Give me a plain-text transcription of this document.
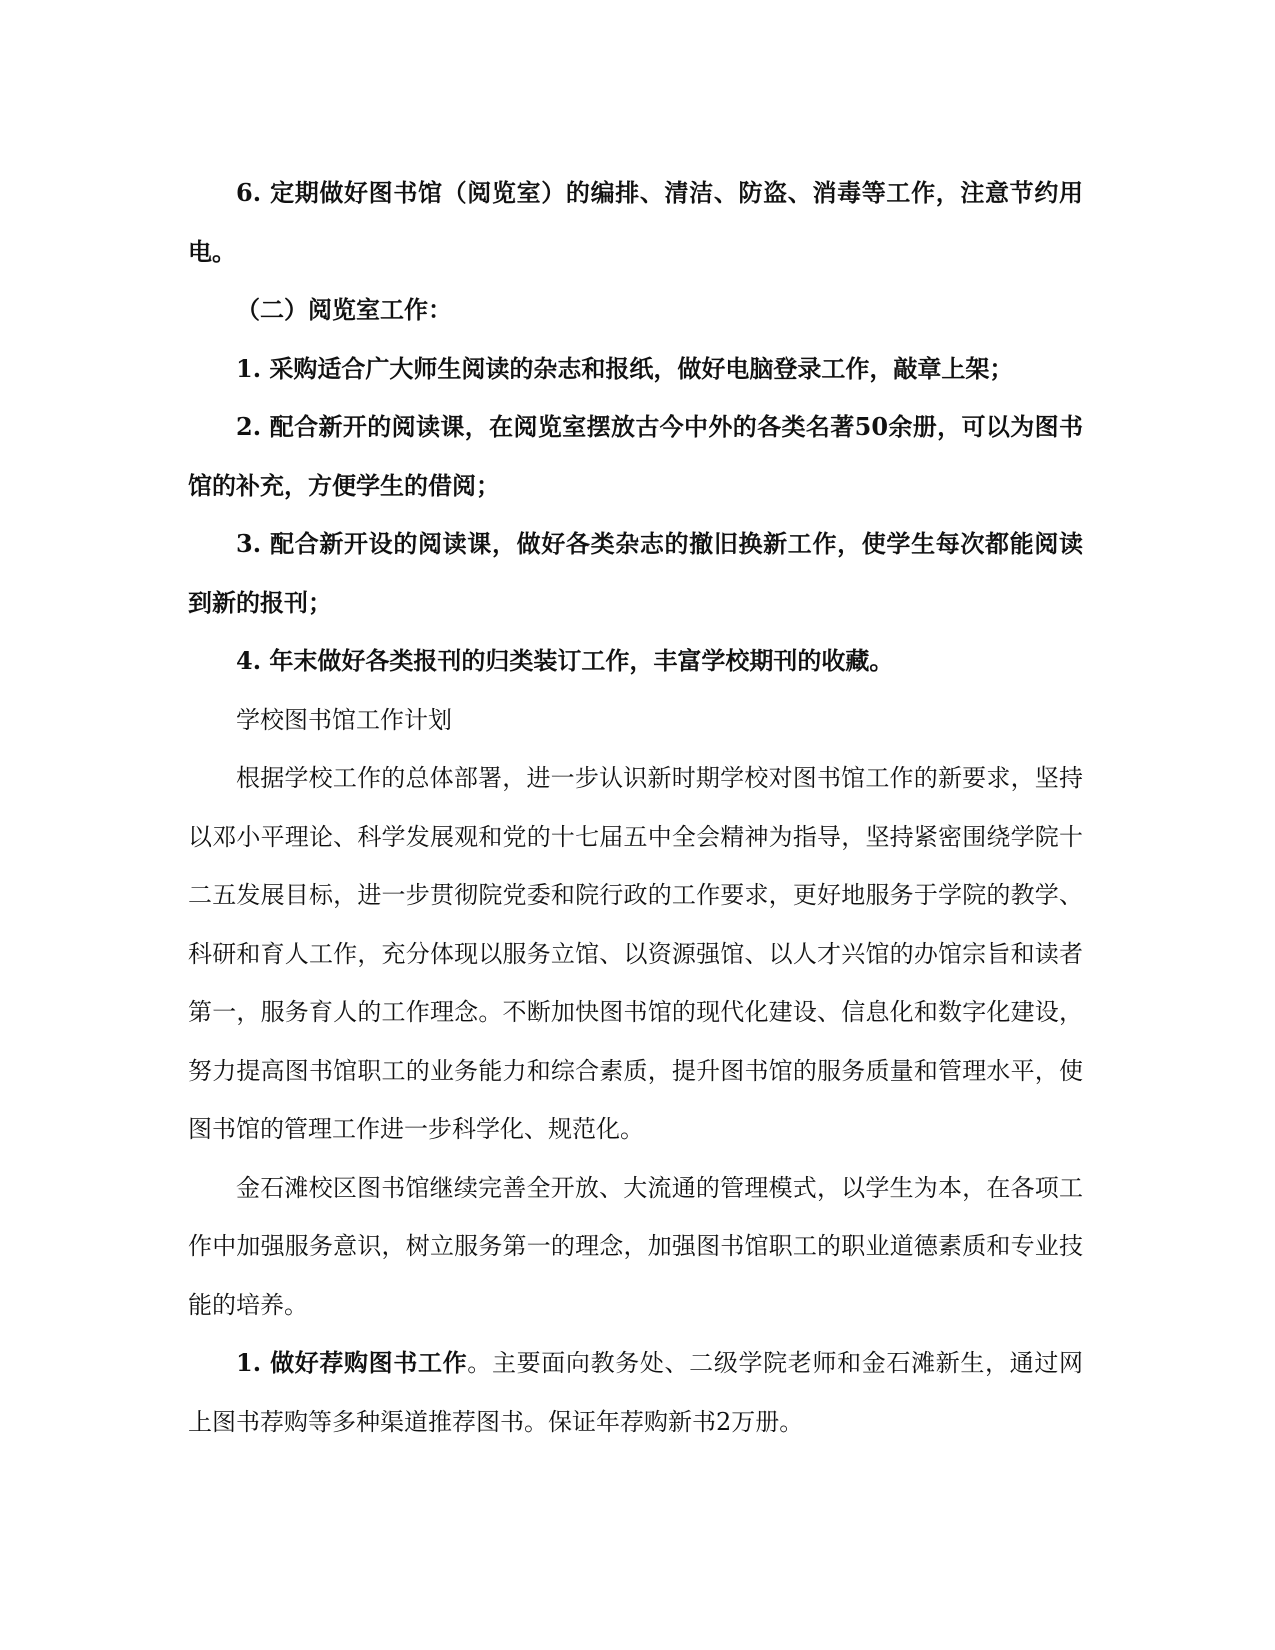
6. 定期做好图书馆（阅览室）的编排、清洁、防盗、消毒等工作，注意节约用电。

（二）阅览室工作：

1. 采购适合广大师生阅读的杂志和报纸，做好电脑登录工作，敲章上架；

2. 配合新开的阅读课，在阅览室摆放古今中外的各类名著50余册，可以为图书馆的补充，方便学生的借阅；

3. 配合新开设的阅读课，做好各类杂志的撤旧换新工作，使学生每次都能阅读到新的报刊；

4. 年末做好各类报刊的归类装订工作，丰富学校期刊的收藏。

学校图书馆工作计划

根据学校工作的总体部署，进一步认识新时期学校对图书馆工作的新要求，坚持以邓小平理论、科学发展观和党的十七届五中全会精神为指导，坚持紧密围绕学院十二五发展目标，进一步贯彻院党委和院行政的工作要求，更好地服务于学院的教学、科研和育人工作，充分体现以服务立馆、以资源强馆、以人才兴馆的办馆宗旨和读者第一，服务育人的工作理念。不断加快图书馆的现代化建设、信息化和数字化建设，努力提高图书馆职工的业务能力和综合素质，提升图书馆的服务质量和管理水平，使图书馆的管理工作进一步科学化、规范化。

金石滩校区图书馆继续完善全开放、大流通的管理模式，以学生为本，在各项工作中加强服务意识，树立服务第一的理念，加强图书馆职工的职业道德素质和专业技能的培养。

1. 做好荐购图书工作。主要面向教务处、二级学院老师和金石滩新生，通过网上图书荐购等多种渠道推荐图书。保证年荐购新书2万册。
